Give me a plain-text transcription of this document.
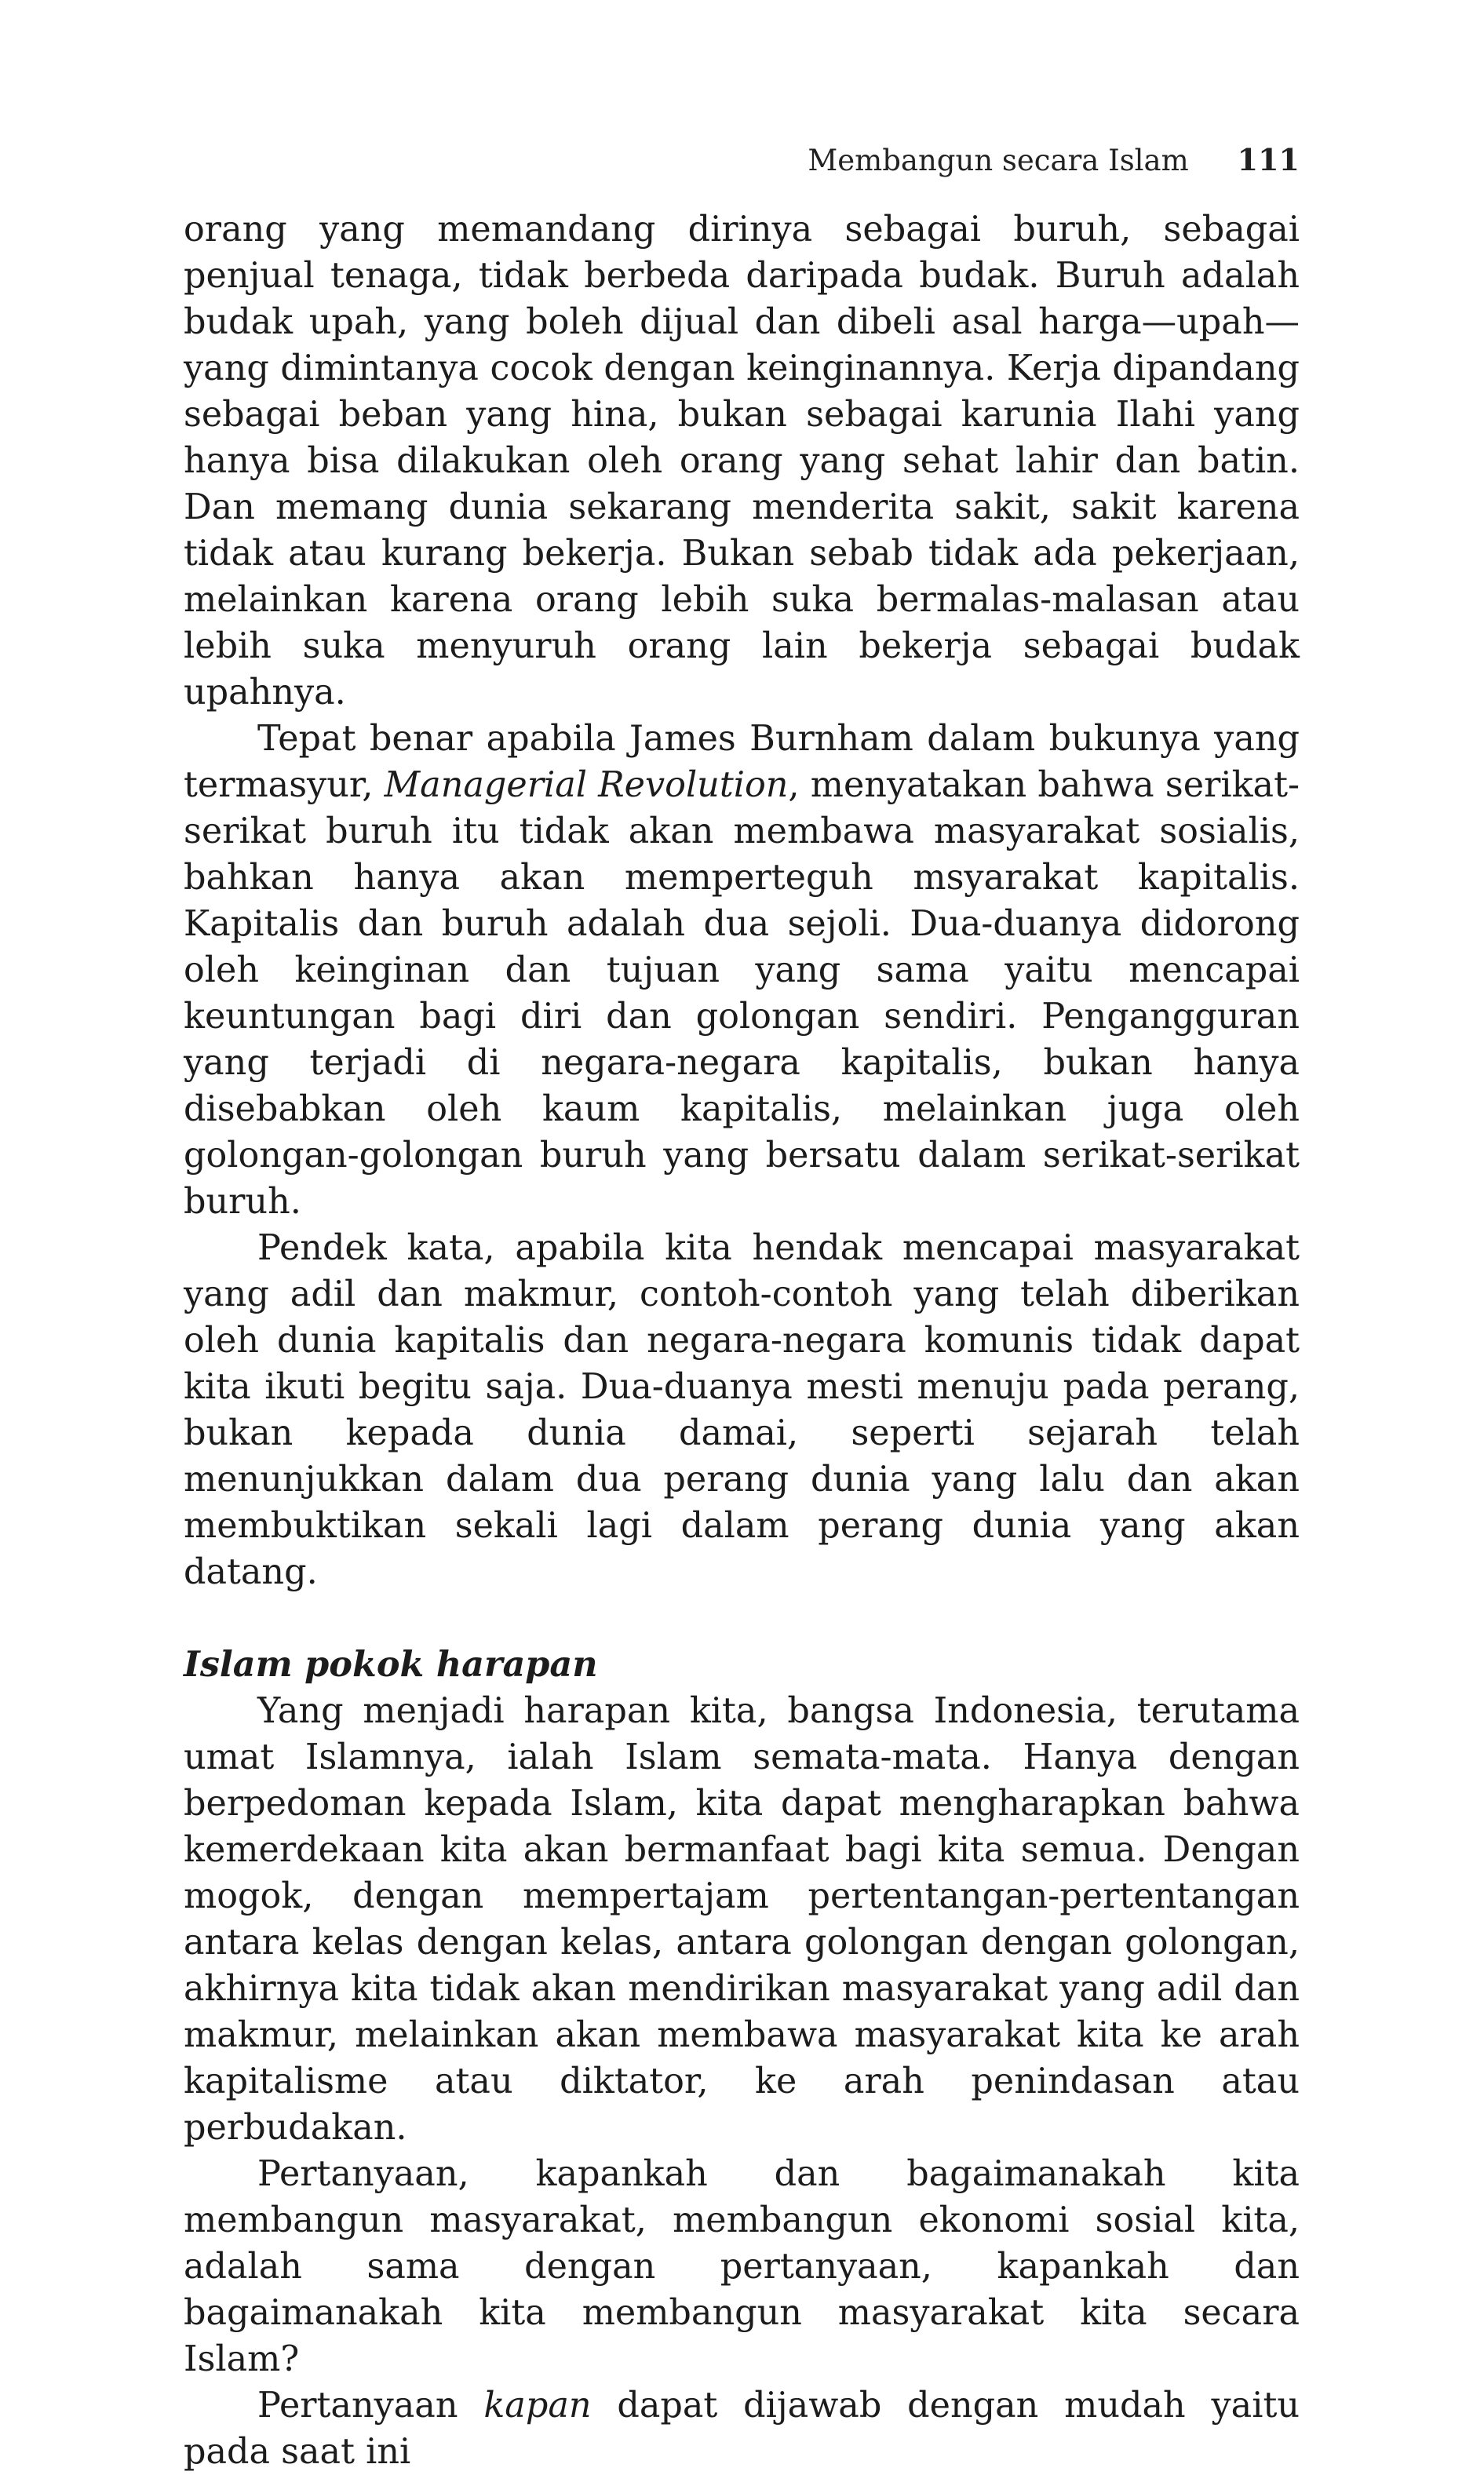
Membangun secara Islam 111

orang yang memandang dirinya sebagai buruh, sebagai penjual tenaga, tidak berbeda daripada budak. Buruh adalah budak upah, yang boleh dijual dan dibeli asal harga—upah—yang dimintanya cocok dengan keinginannya. Kerja dipandang sebagai beban yang hina, bukan sebagai karunia Ilahi yang hanya bisa dilakukan oleh orang yang sehat lahir dan batin. Dan memang dunia sekarang menderita sakit, sakit karena tidak atau kurang bekerja. Bukan sebab tidak ada pekerjaan, melainkan karena orang lebih suka bermalas-malasan atau lebih suka menyuruh orang lain bekerja sebagai budak upahnya.

Tepat benar apabila James Burnham dalam bukunya yang termasyur, Managerial Revolution, menyatakan bahwa serikat-serikat buruh itu tidak akan membawa masyarakat sosialis, bahkan hanya akan memperteguh msyarakat kapitalis. Kapitalis dan buruh adalah dua sejoli. Dua-duanya didorong oleh keinginan dan tujuan yang sama yaitu mencapai keuntungan bagi diri dan golongan sendiri. Pengangguran yang terjadi di negara-negara kapitalis, bukan hanya disebabkan oleh kaum kapitalis, melainkan juga oleh golongan-golongan buruh yang bersatu dalam serikat-serikat buruh.

Pendek kata, apabila kita hendak mencapai masyarakat yang adil dan makmur, contoh-contoh yang telah diberikan oleh dunia kapitalis dan negara-negara komunis tidak dapat kita ikuti begitu saja. Dua-duanya mesti menuju pada perang, bukan kepada dunia damai, seperti sejarah telah menunjukkan dalam dua perang dunia yang lalu dan akan membuktikan sekali lagi dalam perang dunia yang akan datang.

Islam pokok harapan

Yang menjadi harapan kita, bangsa Indonesia, terutama umat Islamnya, ialah Islam semata-mata. Hanya dengan berpedoman kepada Islam, kita dapat mengharapkan bahwa kemerdekaan kita akan bermanfaat bagi kita semua. Dengan mogok, dengan mempertajam pertentangan-pertentangan antara kelas dengan kelas, antara golongan dengan golongan, akhirnya kita tidak akan mendirikan masyarakat yang adil dan makmur, melainkan akan membawa masyarakat kita ke arah kapitalisme atau diktator, ke arah penindasan atau perbudakan.

Pertanyaan, kapankah dan bagaimanakah kita membangun masyarakat, membangun ekonomi sosial kita, adalah sama dengan pertanyaan, kapankah dan bagaimanakah kita membangun masyarakat kita secara Islam?

Pertanyaan kapan dapat dijawab dengan mudah yaitu pada saat ini
